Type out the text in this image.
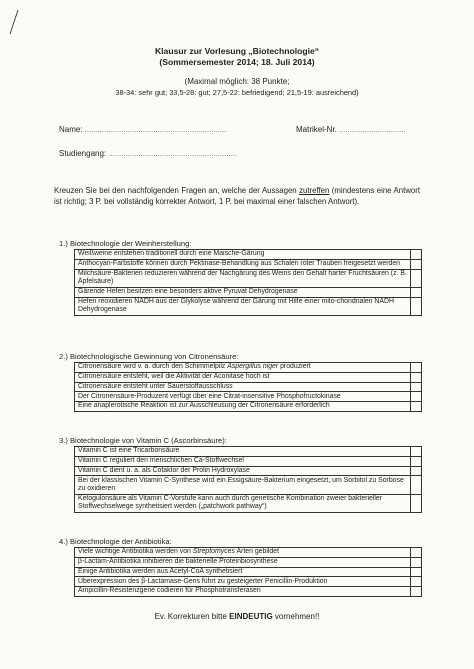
Klausur zur Vorlesung „Biotechnologie“
(Sommersemester 2014; 18. Juli 2014)
(Maximal möglich: 38 Punkte;
38-34: sehr gut; 33,5-28: gut; 27,5-22: befriedigend; 21,5-19: ausreichend)
Name: ..................................................................	Matrikel-Nr. ...............................
Studiengang: ............................................................
Kreuzen Sie bei den nachfolgenden Fragen an, welche der Aussagen zutreffen (mindestens eine Antwort ist richtig; 3 P. bei vollständig korrekter Antwort, 1 P. bei maximal einer falschen Antwort).
1.) Biotechnologie der Weinherstellung:
Weißweine entstehen traditionell durch eine Maische-Gärung	
Anthocyan-Farbstoffe können durch Pektinase-Behandlung aus Schalen roter Trauben freigesetzt werden	
Milchsäure-Bakterien reduzieren während der Nachgärung des Weins den Gehalt harter Fruchtsäuren (z. B. Äpfelsäure)	
Gärende Hefen besitzen eine besonders aktive Pyruvat Dehydrogenase	
Hefen reoxidieren NADH aus der Glykolyse während der Gärung mit Hilfe einer mito-chondrialen NADH Dehydrogenase	
2.) Biotechnologische Gewinnung von Citronensäure:
Citronensäure wird v. a. durch den Schimmelpilz Aspergillus niger produziert	
Citronensäure entsteht, weil die Aktivität der Aconitase hoch ist	
Citronensäure entsteht unter Sauerstoffausschluss	
Der Citronensäure-Produzent verfügt über eine Citrat-insensitive Phosphofructokinase	
Eine anaplerotische Reaktion ist zur Ausschleusung der Citronensäure erforderlich	
3.) Biotechnologie von Vitamin C (Ascorbinsäure):
Vitamin C ist eine Tricarbonsäure	
Vitamin C reguliert den menschlichen Ca-Stoffwechsel	
Vitamin C dient u. a. als Cofaktor der Prolin Hydroxylase	
Bei der klassischen Vitamin C-Synthese wird ein Essigsäure-Bakterium eingesetzt, um Sorbitol zu Sorbose zu oxidieren	
Ketogulonsäure als Vitamin C-Vorstufe kann auch durch genetische Kombination zweier bakterieller Stoffwechselwege synthetisiert werden („patchwork pathway“)	
4.) Biotechnologie der Antibiotika:
Viele wichtige Antibiotika werden von Streptomyces Arten gebildet	
β-Lactam-Antibiotika inhibieren die bakterielle Proteinbiosynthese	
Einige Antibiotika werden aus Acetyl-CoA synthetisiert	
Überexpression des β-Lactamase-Gens führt zu gesteigerter Penicillin-Produktion	
Ampicillin-Resistenzgene codieren für Phosphotransferasen	
Ev. Korrekturen bitte EINDEUTIG vornehmen!!
